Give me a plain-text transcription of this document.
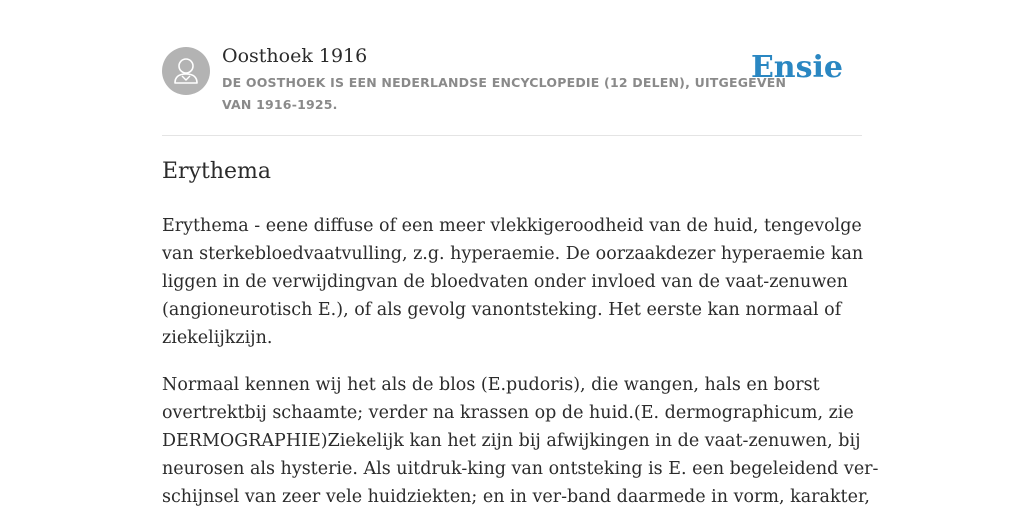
Oosthoek 1916
DE OOSTHOEK IS EEN NEDERLANDSE ENCYCLOPEDIE (12 DELEN), UITGEGEVEN
VAN 1916-1925.
Ensie
Erythema

Erythema - eene diffuse of een meer vlekkigeroodheid van de huid, tengevolge
van sterkebloedvaatvulling, z.g. hyperaemie. De oorzaakdezer hyperaemie kan
liggen in de verwijdingvan de bloedvaten onder invloed van de vaat-zenuwen
(angioneurotisch E.), of als gevolg vanontsteking. Het eerste kan normaal of
ziekelijkzijn.

Normaal kennen wij het als de blos (E.pudoris), die wangen, hals en borst
overtrektbij schaamte; verder na krassen op de huid.(E. dermographicum, zie
DERMOGRAPHIE)Ziekelijk kan het zijn bij afwijkingen in de vaat-zenuwen, bij
neurosen als hysterie. Als uitdruk-king van ontsteking is E. een begeleidend ver-
schijnsel van zeer vele huidziekten; en in ver-band daarmede in vorm, karakter,
